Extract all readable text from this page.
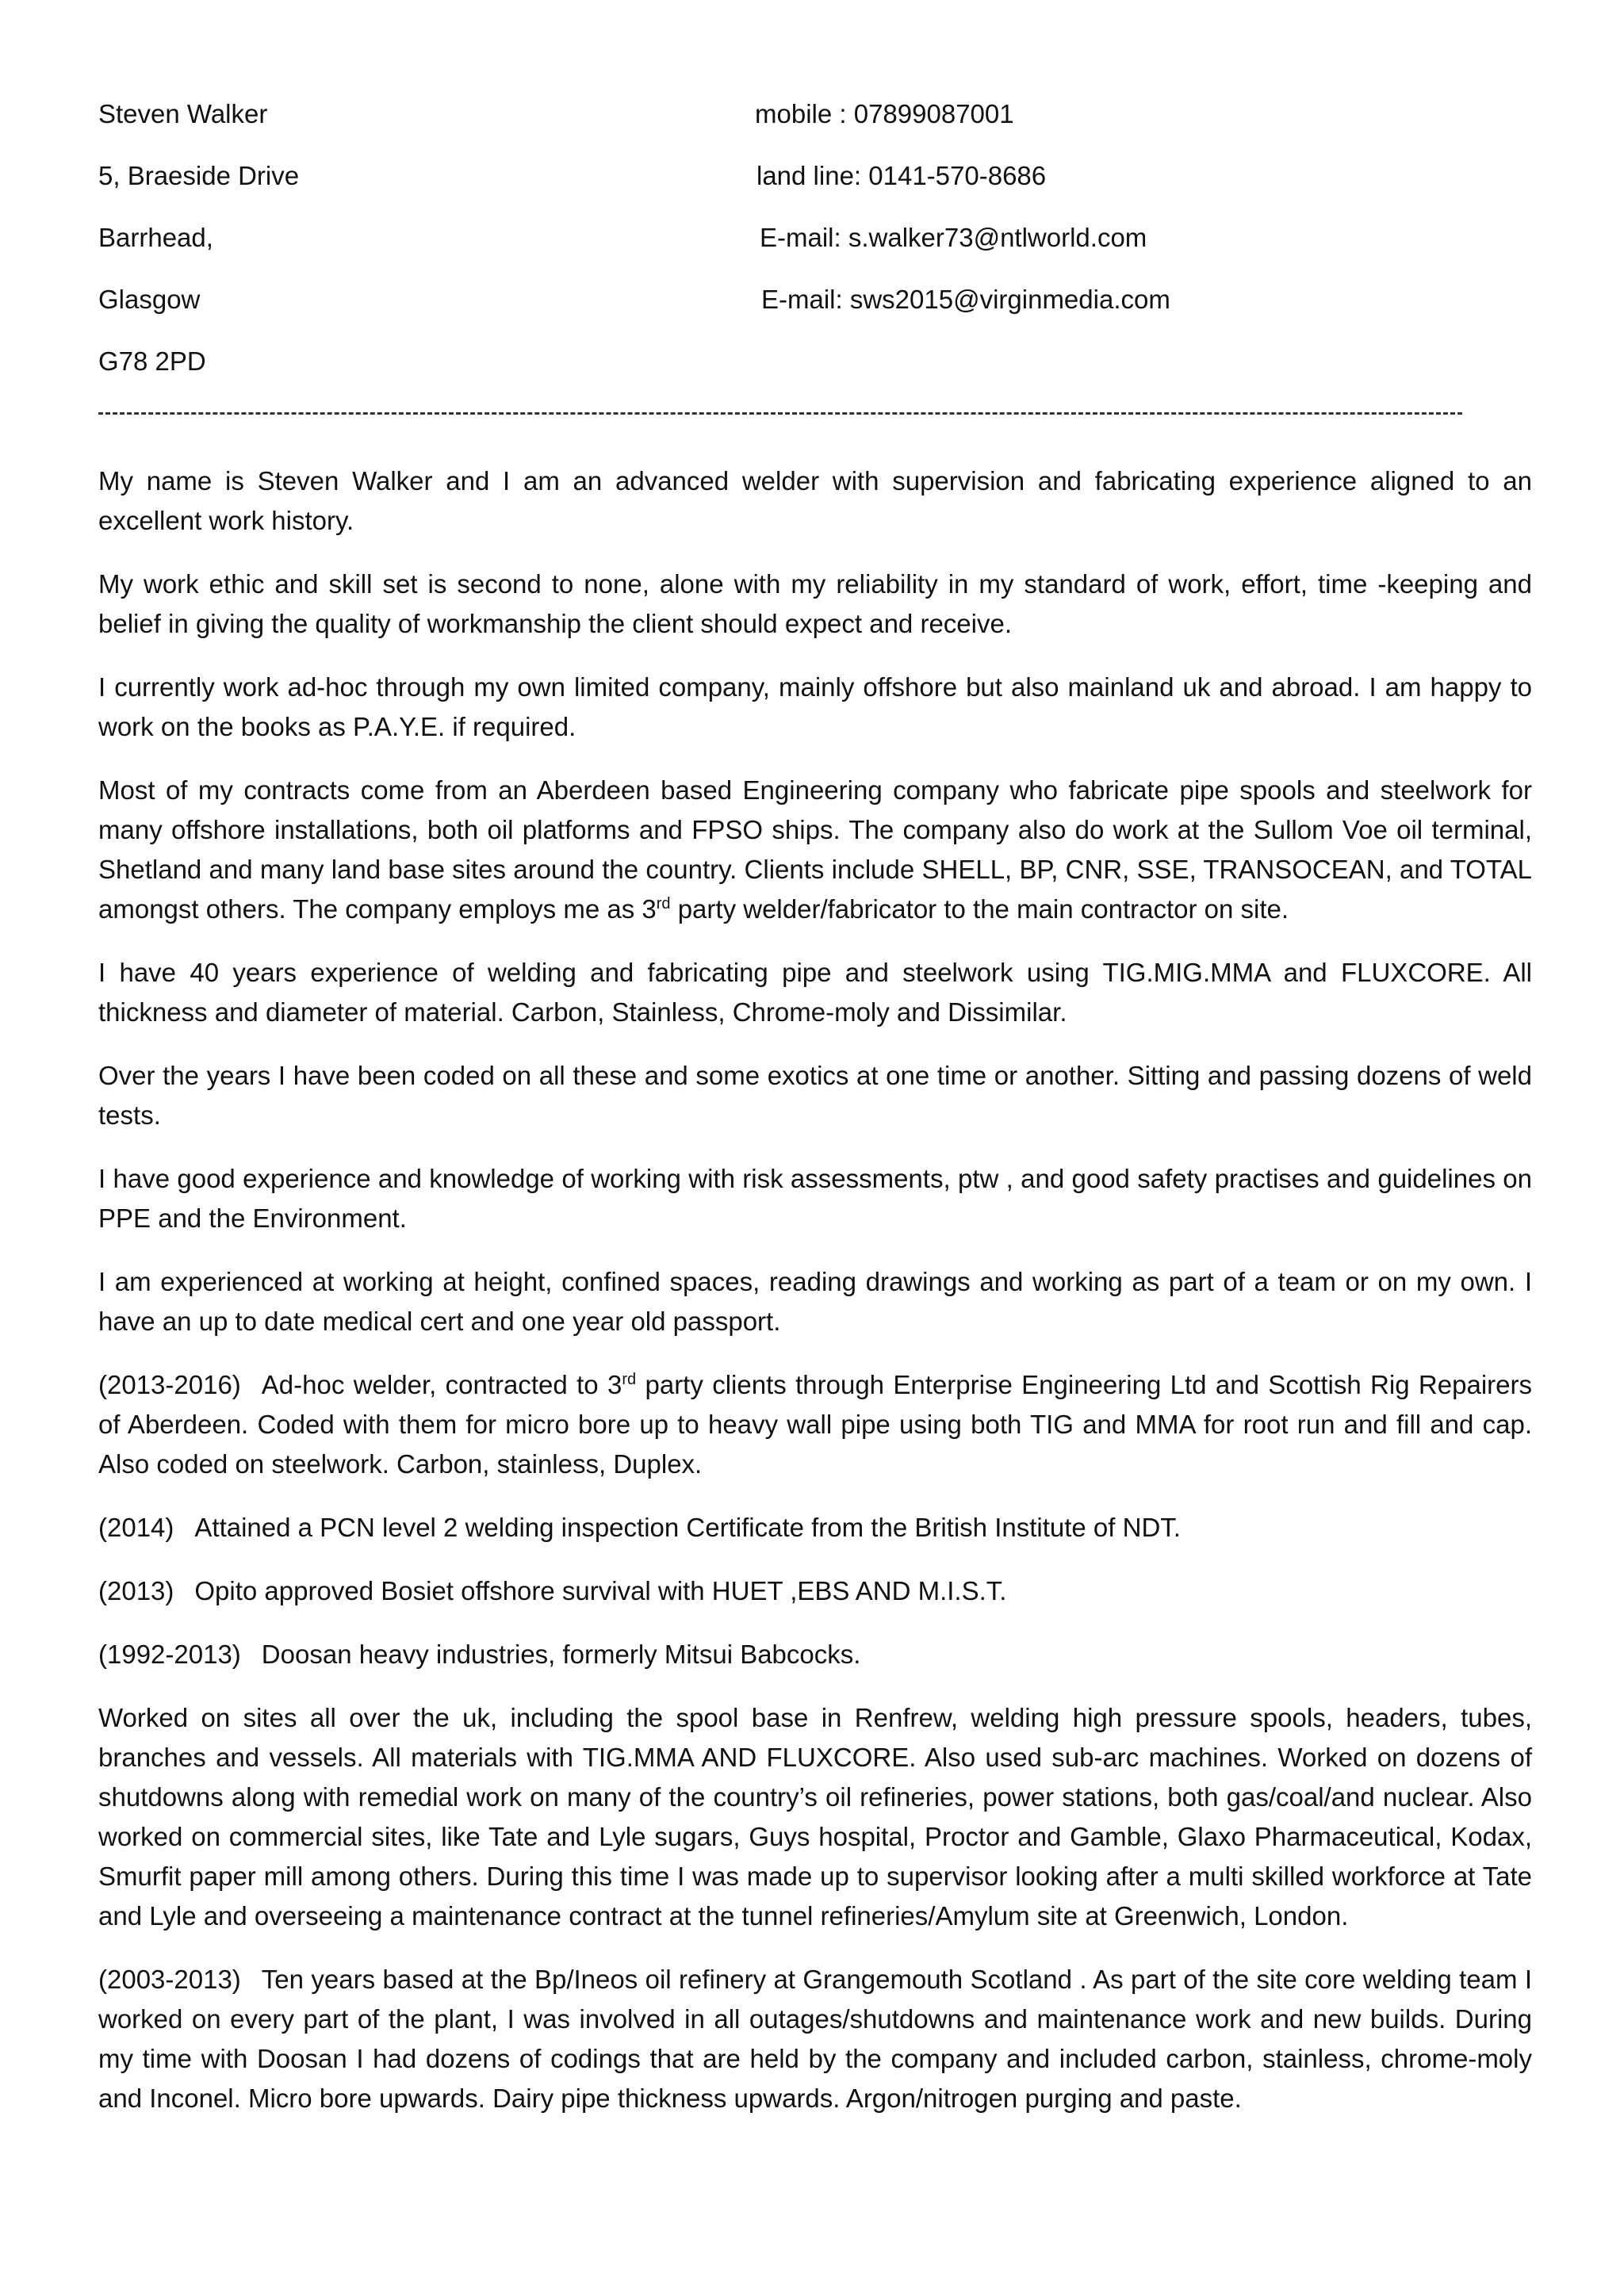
Steven Walker
5, Braeside Drive
Barrhead,
Glasgow
G78 2PD
mobile : 07899087001
land line: 0141-570-8686
E-mail: s.walker73@ntlworld.com
E-mail: sws2015@virginmedia.com

My name is Steven Walker and I am an advanced welder with supervision and fabricating experience aligned to an excellent work history.

My work ethic and skill set is second to none, alone with my reliability in my standard of work, effort, time -keeping and belief in giving the quality of workmanship the client should expect and receive.

I currently work ad-hoc through my own limited company, mainly offshore but also mainland uk and abroad. I am happy to work on the books as P.A.Y.E. if required.

Most of my contracts come from an Aberdeen based Engineering company who fabricate pipe spools and steelwork for many offshore installations, both oil platforms and FPSO ships. The company also do work at the Sullom Voe oil terminal, Shetland and many land base sites around the country. Clients include SHELL, BP, CNR, SSE, TRANSOCEAN, and TOTAL amongst others. The company employs me as 3rd party welder/fabricator to the main contractor on site.

I have 40 years experience of welding and fabricating pipe and steelwork using TIG.MIG.MMA and FLUXCORE. All thickness and diameter of material. Carbon, Stainless, Chrome-moly and Dissimilar.

Over the years I have been coded on all these and some exotics at one time or another. Sitting and passing dozens of weld tests.

I have good experience and knowledge of working with risk assessments, ptw , and good safety practises and guidelines on PPE and the Environment.

I am experienced at working at height, confined spaces, reading drawings and working as part of a team or on my own. I have an up to date medical cert and one year old passport.

(2013-2016) Ad-hoc welder, contracted to 3rd party clients through Enterprise Engineering Ltd and Scottish Rig Repairers of Aberdeen. Coded with them for micro bore up to heavy wall pipe using both TIG and MMA for root run and fill and cap. Also coded on steelwork. Carbon, stainless, Duplex.

(2014) Attained a PCN level 2 welding inspection Certificate from the British Institute of NDT.

(2013) Opito approved Bosiet offshore survival with HUET ,EBS AND M.I.S.T.

(1992-2013) Doosan heavy industries, formerly Mitsui Babcocks.

Worked on sites all over the uk, including the spool base in Renfrew, welding high pressure spools, headers, tubes, branches and vessels. All materials with TIG.MMA AND FLUXCORE. Also used sub-arc machines. Worked on dozens of shutdowns along with remedial work on many of the country’s oil refineries, power stations, both gas/coal/and nuclear. Also worked on commercial sites, like Tate and Lyle sugars, Guys hospital, Proctor and Gamble, Glaxo Pharmaceutical, Kodax, Smurfit paper mill among others. During this time I was made up to supervisor looking after a multi skilled workforce at Tate and Lyle and overseeing a maintenance contract at the tunnel refineries/Amylum site at Greenwich, London.

(2003-2013) Ten years based at the Bp/Ineos oil refinery at Grangemouth Scotland . As part of the site core welding team I worked on every part of the plant, I was involved in all outages/shutdowns and maintenance work and new builds. During my time with Doosan I had dozens of codings that are held by the company and included carbon, stainless, chrome-moly and Inconel. Micro bore upwards. Dairy pipe thickness upwards. Argon/nitrogen purging and paste.
